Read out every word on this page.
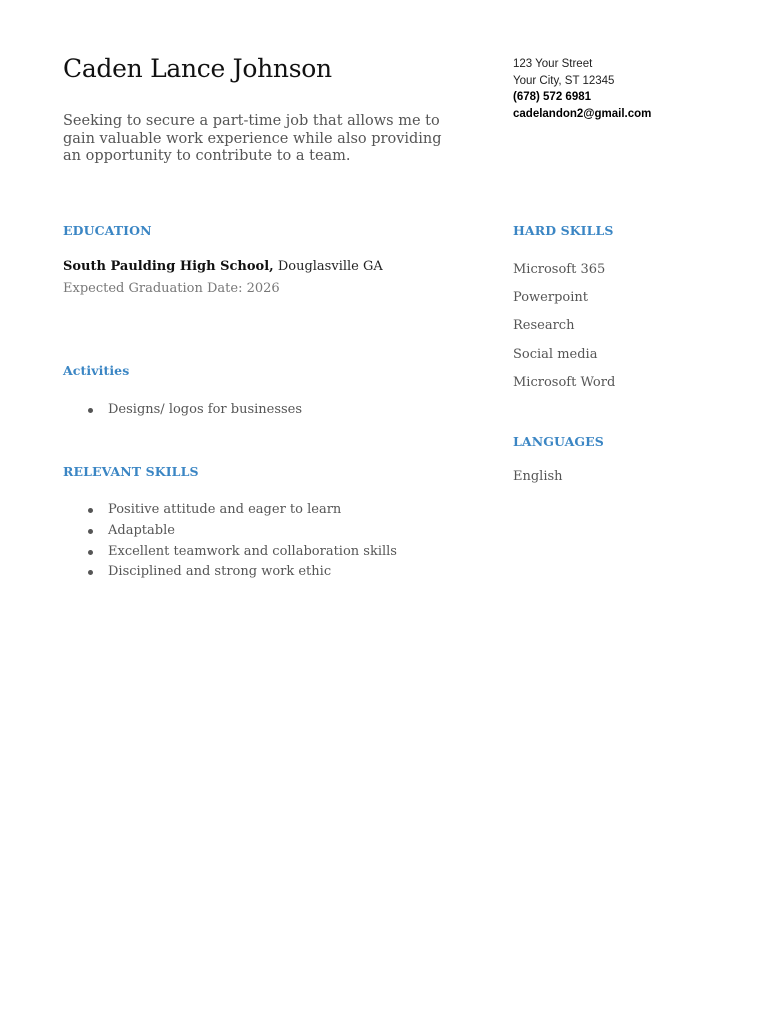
Caden Lance Johnson
Seeking to secure a part-time job that allows me to gain valuable work experience while also providing an opportunity to contribute to a team.
123 Your Street
Your City, ST 12345
(678) 572 6981
cadelandon2@gmail.com
EDUCATION
South Paulding High School, Douglasville GA
Expected Graduation Date: 2026
Activities
Designs/ logos for businesses
RELEVANT SKILLS
Positive attitude and eager to learn
Adaptable
Excellent teamwork and collaboration skills
Disciplined and strong work ethic
HARD SKILLS
Microsoft 365
Powerpoint
Research
Social media
Microsoft Word
LANGUAGES
English
